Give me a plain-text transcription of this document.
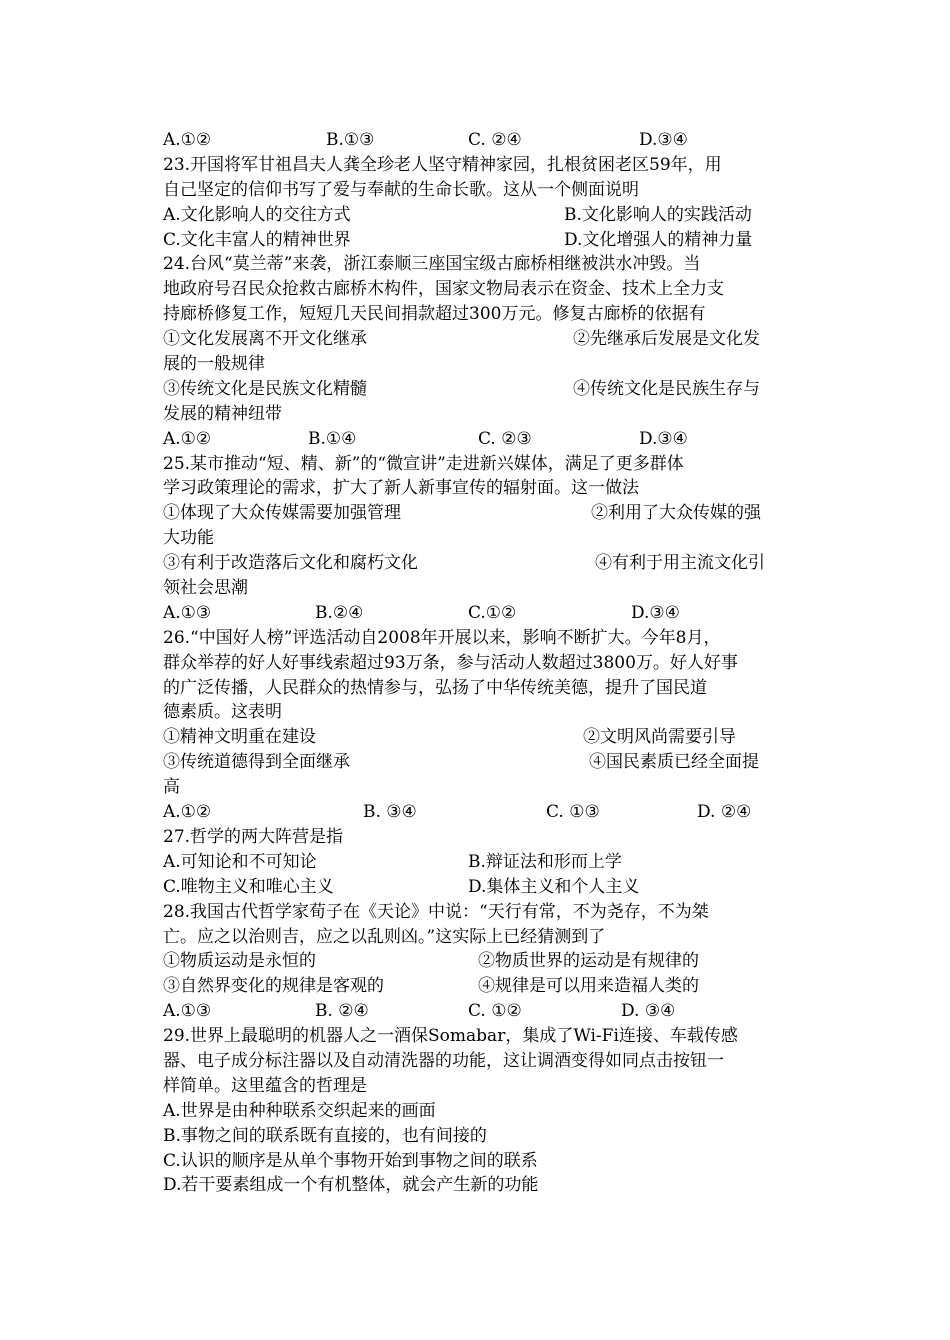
A.①②	B.①③	C. ②④	D.③④
23.开国将军甘祖昌夫人龚全珍老人坚守精神家园，扎根贫困老区59年，用
自己坚定的信仰书写了爱与奉献的生命长歌。这从一个侧面说明
A.文化影响人的交往方式	B.文化影响人的实践活动
C.文化丰富人的精神世界	D.文化增强人的精神力量
24.台风“莫兰蒂”来袭，浙江泰顺三座国宝级古廊桥相继被洪水冲毁。当
地政府号召民众抢救古廊桥木构件，国家文物局表示在资金、技术上全力支
持廊桥修复工作，短短几天民间捐款超过300万元。修复古廊桥的依据有
①文化发展离不开文化继承	②先继承后发展是文化发
展的一般规律
③传统文化是民族文化精髓	④传统文化是民族生存与
发展的精神纽带
A.①②	B.①④	C. ②③	D.③④
25.某市推动“短、精、新”的“微宣讲”走进新兴媒体，满足了更多群体
学习政策理论的需求，扩大了新人新事宣传的辐射面。这一做法
①体现了大众传媒需要加强管理	②利用了大众传媒的强
大功能
③有利于改造落后文化和腐朽文化	④有利于用主流文化引
领社会思潮
A.①③	B.②④	C.①②	D.③④
26.“中国好人榜”评选活动自2008年开展以来，影响不断扩大。今年8月，
群众举荐的好人好事线索超过93万条，参与活动人数超过3800万。好人好事
的广泛传播，人民群众的热情参与，弘扬了中华传统美德，提升了国民道
德素质。这表明
①精神文明重在建设	②文明风尚需要引导
③传统道德得到全面继承	④国民素质已经全面提
高
A.①②	B. ③④	C. ①③	D. ②④
27.哲学的两大阵营是指
A.可知论和不可知论	B.辩证法和形而上学
C.唯物主义和唯心主义	D.集体主义和个人主义
28.我国古代哲学家荀子在《天论》中说：“天行有常，不为尧存，不为桀
亡。应之以治则吉，应之以乱则凶。”这实际上已经猜测到了
①物质运动是永恒的	②物质世界的运动是有规律的
③自然界变化的规律是客观的	④规律是可以用来造福人类的
A.①③	B. ②④	C. ①②	D. ③④
29.世界上最聪明的机器人之一酒保Somabar，集成了Wi-Fi连接、车载传感
器、电子成分标注器以及自动清洗器的功能，这让调酒变得如同点击按钮一
样简单。这里蕴含的哲理是
A.世界是由种种联系交织起来的画面
B.事物之间的联系既有直接的，也有间接的
C.认识的顺序是从单个事物开始到事物之间的联系
D.若干要素组成一个有机整体，就会产生新的功能
